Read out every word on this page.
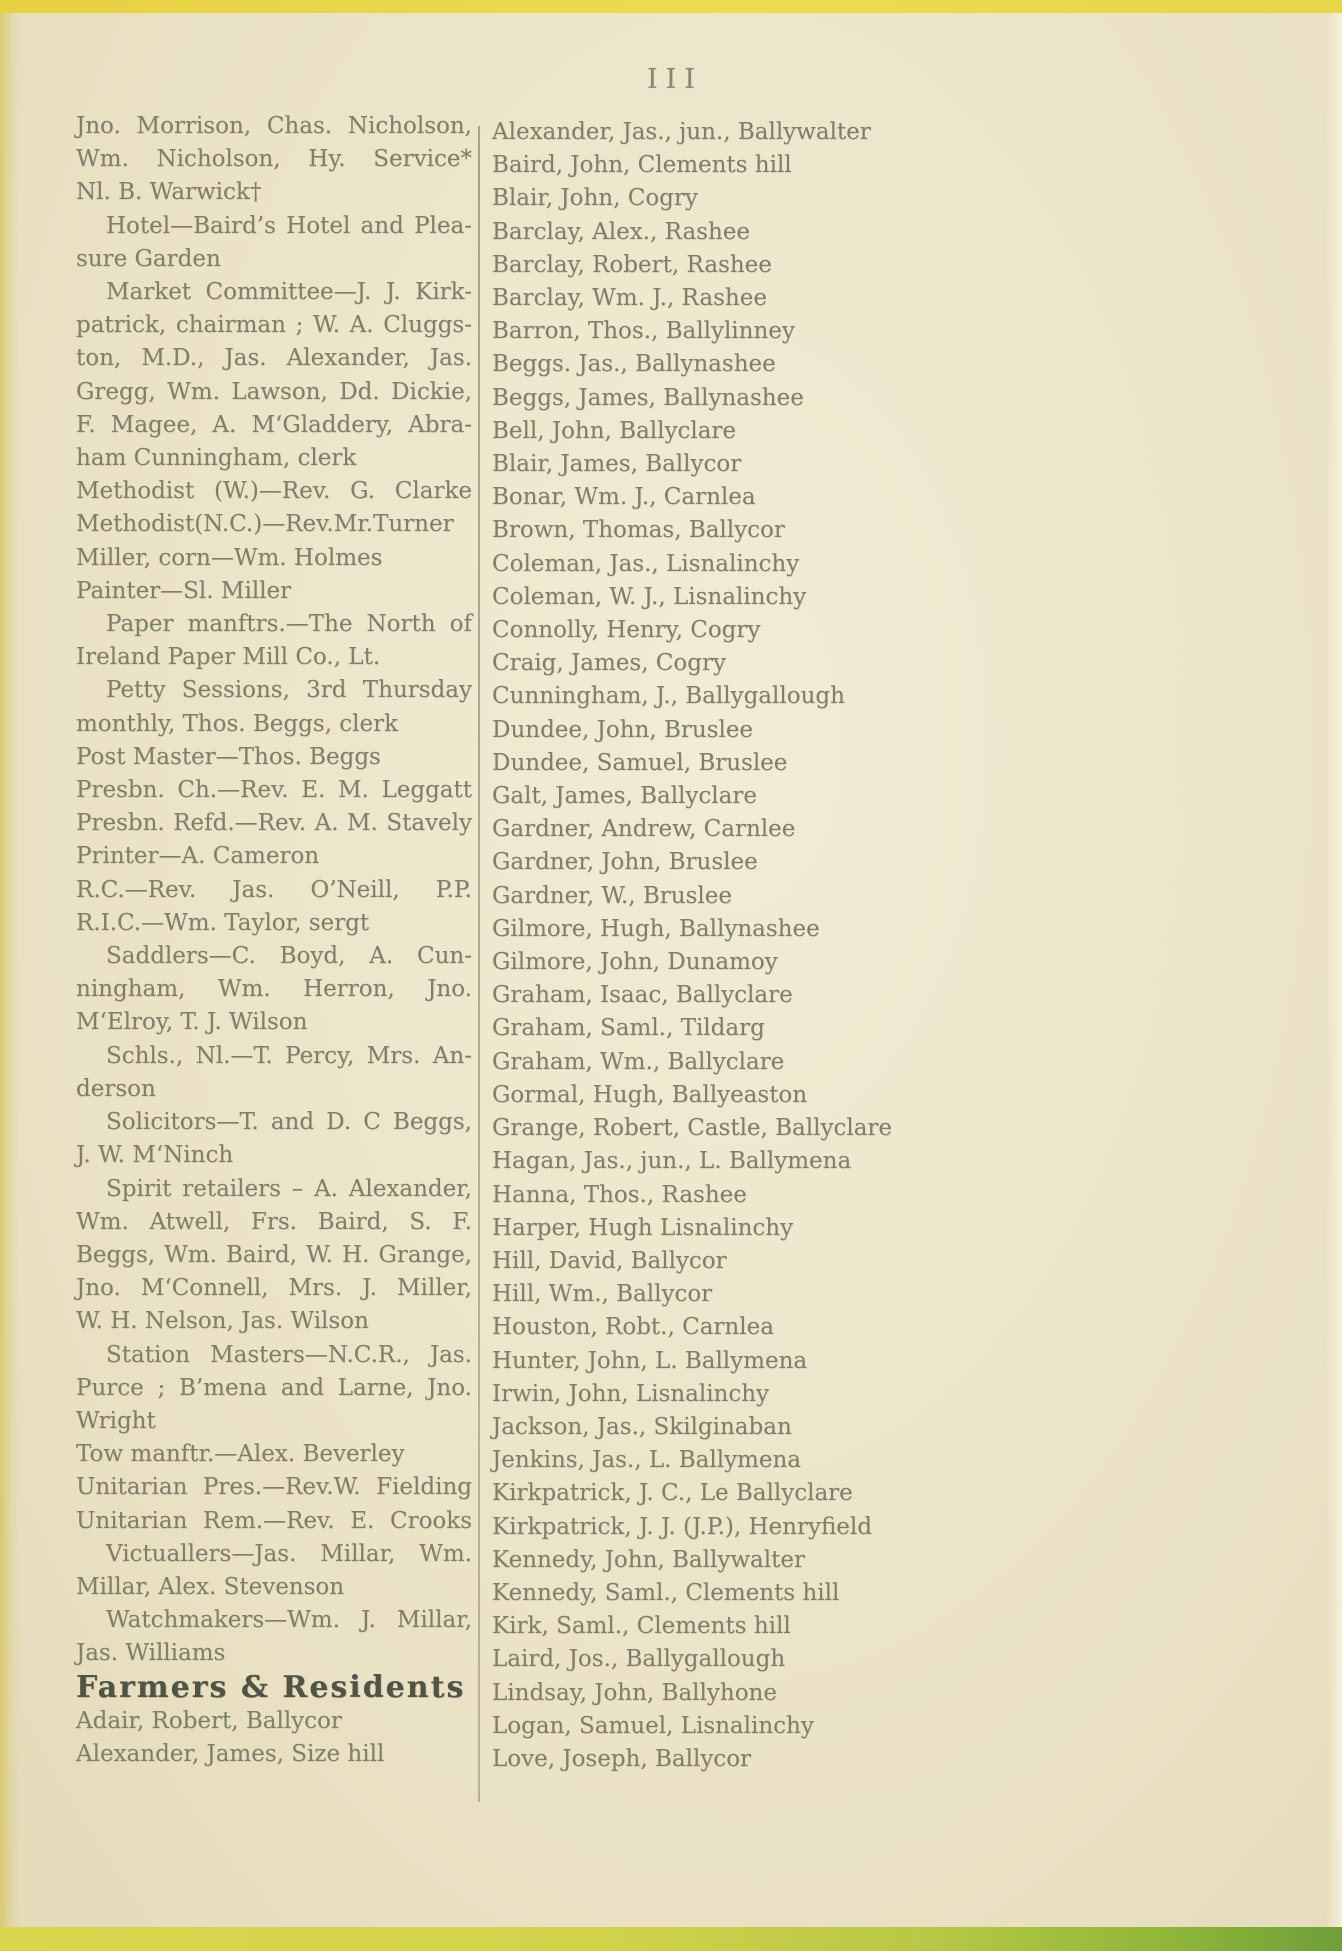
III
Jno. Morrison, Chas. Nicholson,
Wm. Nicholson, Hy. Service*
Nl. B. Warwick†
Hotel—Baird’s Hotel and Plea-
sure Garden
Market Committee—J. J. Kirk-
patrick, chairman ; W. A. Cluggs-
ton, M.D., Jas. Alexander, Jas.
Gregg, Wm. Lawson, Dd. Dickie,
F. Magee, A. M‘Gladdery, Abra-
ham Cunningham, clerk
Methodist (W.)—Rev. G. Clarke
Methodist(N.C.)—Rev.Mr.Turner
Miller, corn—Wm. Holmes
Painter—Sl. Miller
Paper manftrs.—The North of
Ireland Paper Mill Co., Lt.
Petty Sessions, 3rd Thursday
monthly, Thos. Beggs, clerk
Post Master—Thos. Beggs
Presbn. Ch.—Rev. E. M. Leggatt
Presbn. Refd.—Rev. A. M. Stavely
Printer—A. Cameron
R.C.—Rev. Jas. O’Neill, P.P.
R.I.C.—Wm. Taylor, sergt
Saddlers—C. Boyd, A. Cun-
ningham, Wm. Herron, Jno.
M‘Elroy, T. J. Wilson
Schls., Nl.—T. Percy, Mrs. An-
derson
Solicitors—T. and D. C Beggs,
J. W. M‘Ninch
Spirit retailers – A. Alexander,
Wm. Atwell, Frs. Baird, S. F.
Beggs, Wm. Baird, W. H. Grange,
Jno. M‘Connell, Mrs. J. Miller,
W. H. Nelson, Jas. Wilson
Station Masters—N.C.R., Jas.
Purce ; B’mena and Larne, Jno.
Wright
Tow manftr.—Alex. Beverley
Unitarian Pres.—Rev.W. Fielding
Unitarian Rem.—Rev. E. Crooks
Victuallers—Jas. Millar, Wm.
Millar, Alex. Stevenson
Watchmakers—Wm. J. Millar,
Jas. Williams
Farmers & Residents
Adair, Robert, Ballycor
Alexander, James, Size hill
Alexander, Jas., jun., Ballywalter
Baird, John, Clements hill
Blair, John, Cogry
Barclay, Alex., Rashee
Barclay, Robert, Rashee
Barclay, Wm. J., Rashee
Barron, Thos., Ballylinney
Beggs. Jas., Ballynashee
Beggs, James, Ballynashee
Bell, John, Ballyclare
Blair, James, Ballycor
Bonar, Wm. J., Carnlea
Brown, Thomas, Ballycor
Coleman, Jas., Lisnalinchy
Coleman, W. J., Lisnalinchy
Connolly, Henry, Cogry
Craig, James, Cogry
Cunningham, J., Ballygallough
Dundee, John, Bruslee
Dundee, Samuel, Bruslee
Galt, James, Ballyclare
Gardner, Andrew, Carnlee
Gardner, John, Bruslee
Gardner, W., Bruslee
Gilmore, Hugh, Ballynashee
Gilmore, John, Dunamoy
Graham, Isaac, Ballyclare
Graham, Saml., Tildarg
Graham, Wm., Ballyclare
Gormal, Hugh, Ballyeaston
Grange, Robert, Castle, Ballyclare
Hagan, Jas., jun., L. Ballymena
Hanna, Thos., Rashee
Harper, Hugh Lisnalinchy
Hill, David, Ballycor
Hill, Wm., Ballycor
Houston, Robt., Carnlea
Hunter, John, L. Ballymena
Irwin, John, Lisnalinchy
Jackson, Jas., Skilginaban
Jenkins, Jas., L. Ballymena
Kirkpatrick, J. C., Le Ballyclare
Kirkpatrick, J. J. (J.P.), Henryfield
Kennedy, John, Ballywalter
Kennedy, Saml., Clements hill
Kirk, Saml., Clements hill
Laird, Jos., Ballygallough
Lindsay, John, Ballyhone
Logan, Samuel, Lisnalinchy
Love, Joseph, Ballycor
